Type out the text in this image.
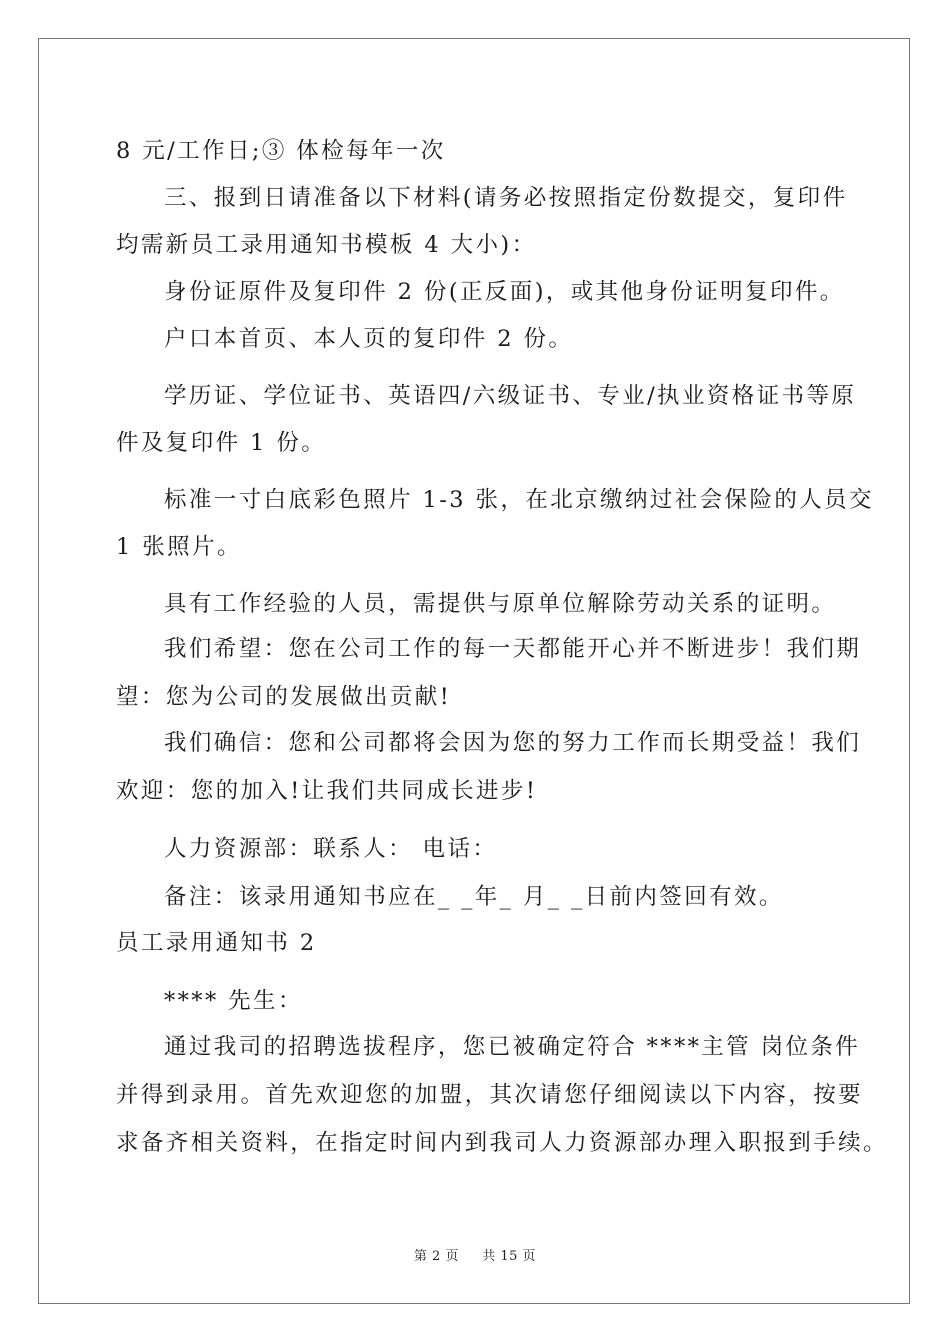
8 元/工作日;③ 体检每年一次
三、报到日请准备以下材料(请务必按照指定份数提交，复印件
均需新员工录用通知书模板 4 大小)：
身份证原件及复印件 2 份(正反面)，或其他身份证明复印件。
户口本首页、本人页的复印件 2 份。
学历证、学位证书、英语四/六级证书、专业/执业资格证书等原
件及复印件 1 份。
标准一寸白底彩色照片 1-3 张，在北京缴纳过社会保险的人员交
1 张照片。
具有工作经验的人员，需提供与原单位解除劳动关系的证明。
我们希望：您在公司工作的每一天都能开心并不断进步！我们期
望：您为公司的发展做出贡献!
我们确信：您和公司都将会因为您的努力工作而长期受益！我们
欢迎：您的加入!让我们共同成长进步!
人力资源部：联系人： 电话：
备注：该录用通知书应在_ _年_ 月_ _日前内签回有效。
员工录用通知书 2
**** 先生：
通过我司的招聘选拔程序，您已被确定符合 ****主管 岗位条件
并得到录用。首先欢迎您的加盟，其次请您仔细阅读以下内容，按要
求备齐相关资料，在指定时间内到我司人力资源部办理入职报到手续。
第 2 页 共 15 页
